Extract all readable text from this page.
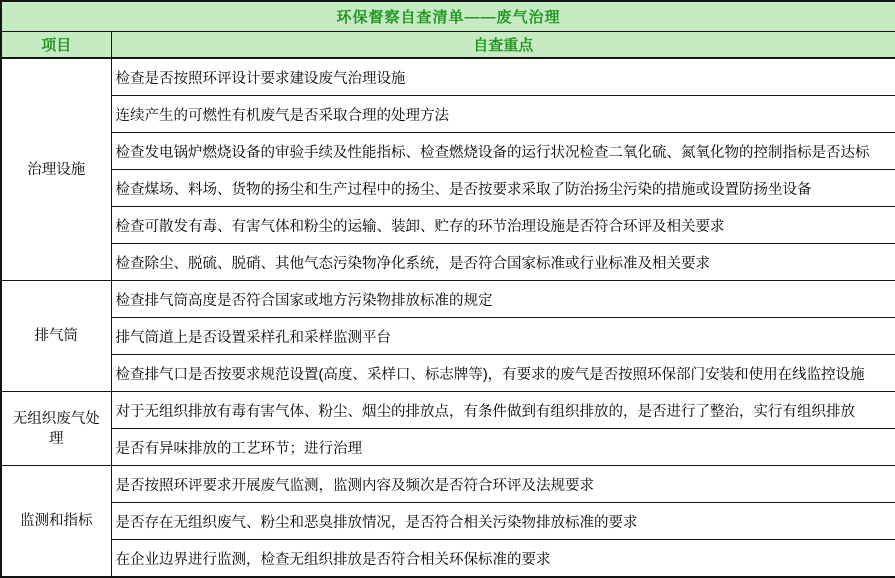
环保督察自查清单——废气治理	
项目	自查重点
治理设施	检查是否按照环评设计要求建设废气治理设施
	连续产生的可燃性有机废气是否采取合理的处理方法
	检查发电锅炉燃烧设备的审验手续及性能指标、检查燃烧设备的运行状况检查二氧化硫、氮氧化物的控制指标是否达标
	检查煤场、料场、货物的扬尘和生产过程中的扬尘、是否按要求采取了防治扬尘污染的措施或设置防扬坐设备
	检查可散发有毒、有害气体和粉尘的运输、装卸、贮存的环节治理设施是否符合环评及相关要求
	检查除尘、脱硫、脱硝、其他气态污染物净化系统，是否符合国家标准或行业标准及相关要求
排气筒	检查排气筒高度是否符合国家或地方污染物排放标准的规定
	排气筒道上是否设置采样孔和采样监测平台
	检查排气口是否按要求规范设置(高度、采样口、标志牌等)，有要求的废气是否按照环保部门安装和使用在线监控设施
无组织废气处理	对于无组织排放有毒有害气体、粉尘、烟尘的排放点，有条件做到有组织排放的，是否进行了整治，实行有组织排放
	是否有异味排放的工艺环节；进行治理
监测和指标	是否按照环评要求开展废气监测，监测内容及频次是否符合环评及法规要求
	是否存在无组织废气、粉尘和恶臭排放情况，是否符合相关污染物排放标准的要求
	在企业边界进行监测，检查无组织排放是否符合相关环保标准的要求
